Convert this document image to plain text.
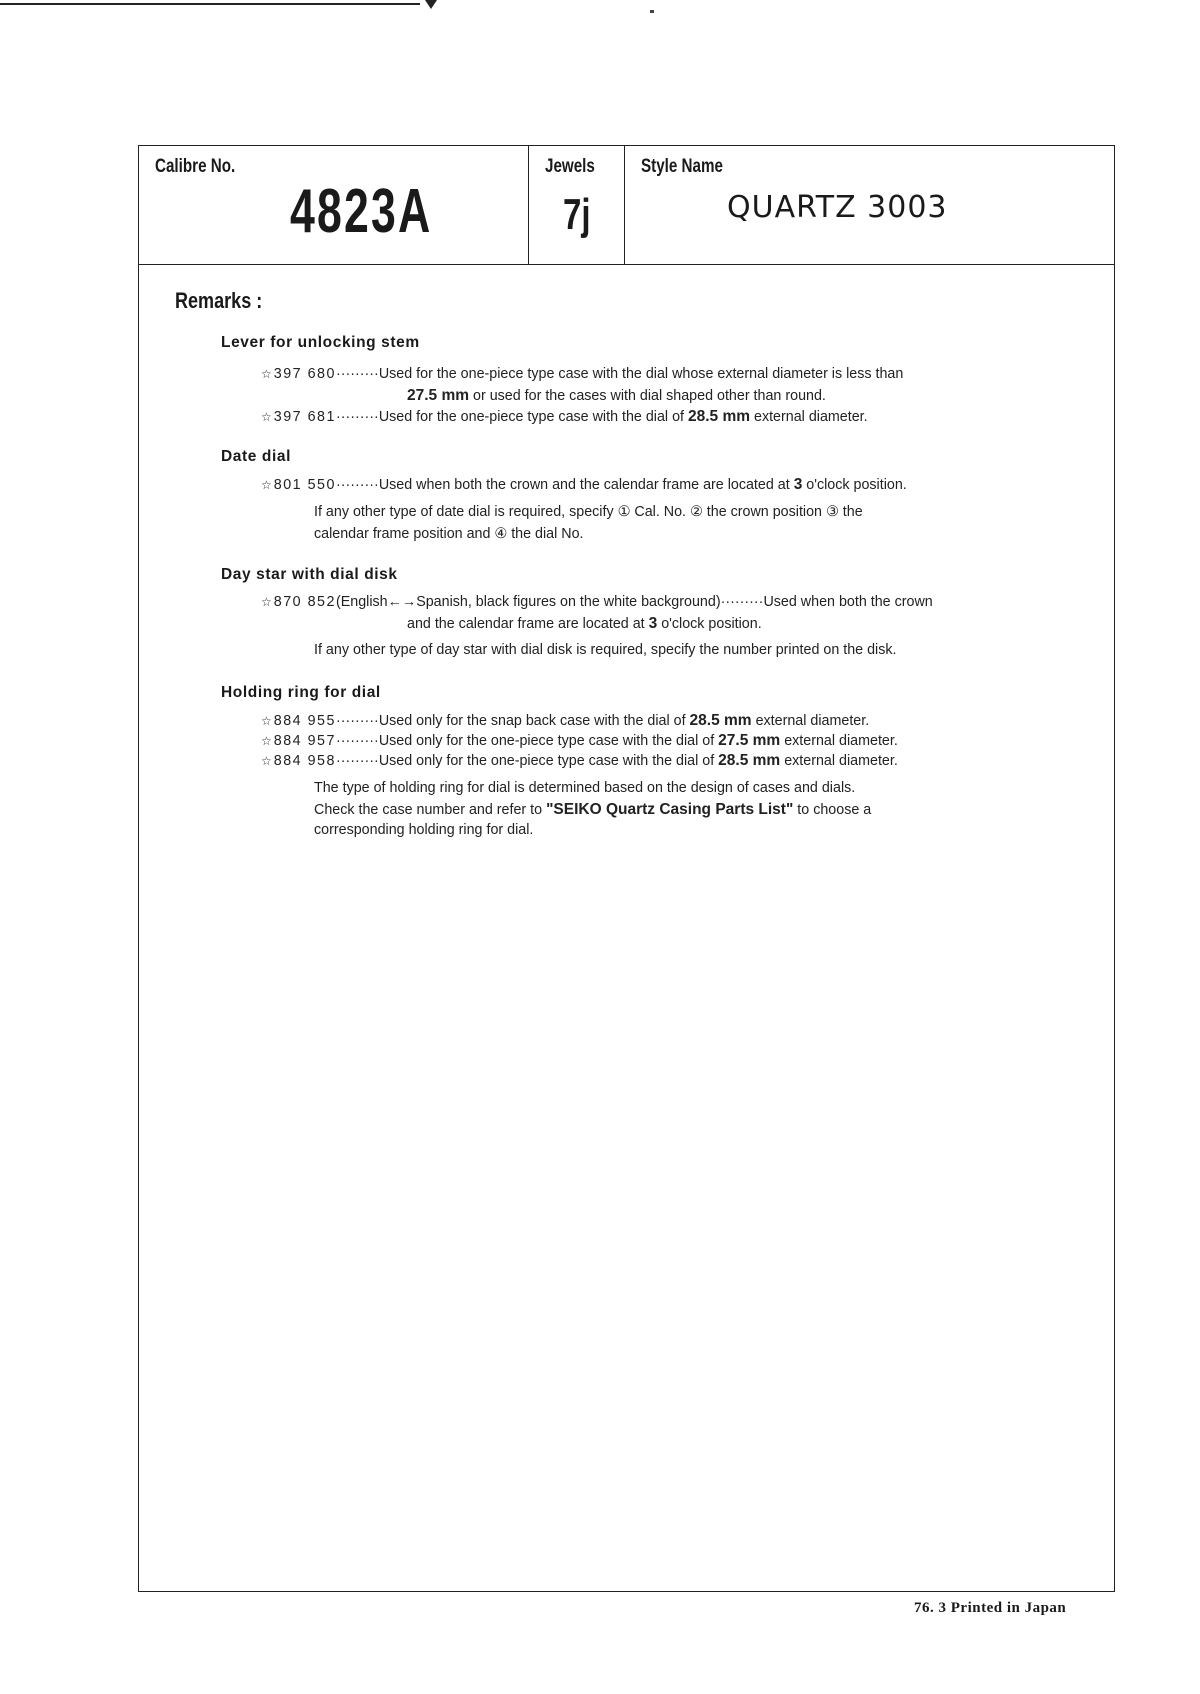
Calibre No.
4823A
Jewels
7j
Style Name
QUARTZ 3003
Remarks :
Lever for unlocking stem
☆ 397 680·········Used for the one-piece type case with the dial whose external diameter is less than
27.5 mm or used for the cases with dial shaped other than round.
☆ 397 681·········Used for the one-piece type case with the dial of 28.5 mm external diameter.
Date dial
☆ 801 550·········Used when both the crown and the calendar frame are located at 3 o'clock position.
If any other type of date dial is required, specify ① Cal. No. ② the crown position ③ the
calendar frame position and ④ the dial No.
Day star with dial disk
☆ 870 852(English←→Spanish, black figures on the white background)·········Used when both the crown
and the calendar frame are located at 3 o'clock position.
If any other type of day star with dial disk is required, specify the number printed on the disk.
Holding ring for dial
☆ 884 955·········Used only for the snap back case with the dial of 28.5 mm external diameter.
☆ 884 957·········Used only for the one-piece type case with the dial of 27.5 mm external diameter.
☆ 884 958·········Used only for the one-piece type case with the dial of 28.5 mm external diameter.
The type of holding ring for dial is determined based on the design of cases and dials.
Check the case number and refer to "SEIKO Quartz Casing Parts List" to choose a
corresponding holding ring for dial.
76. 3 Printed in Japan
